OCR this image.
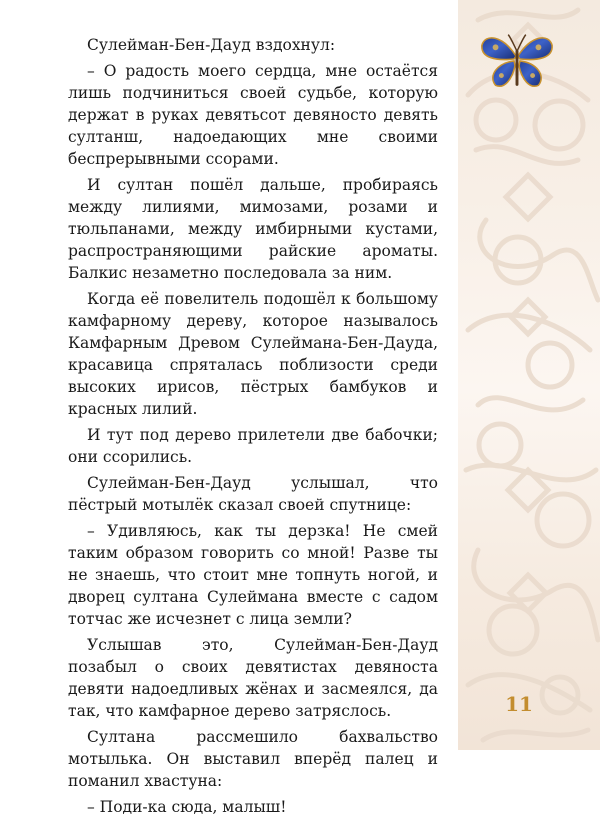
Сулейман-Бен-Дауд вздохнул:

– О радость моего сердца, мне остаётся лишь подчиниться своей судьбе, которую держат в руках девятьсот девяносто девять султанш, надоедающих мне своими беспрерывными ссорами.

И султан пошёл дальше, пробираясь между лилиями, мимозами, розами и тюльпанами, между имбирными кустами, распространяющими райские ароматы. Балкис незаметно последовала за ним.

Когда её повелитель подошёл к большому камфарному дереву, которое называлось Камфарным Древом Сулеймана-Бен-Дауда, красавица спряталась поблизости среди высоких ирисов, пёстрых бамбуков и красных лилий.

И тут под дерево прилетели две бабочки; они ссорились.

Сулейман-Бен-Дауд услышал, что пёстрый мотылёк сказал своей спутнице:

– Удивляюсь, как ты дерзка! Не смей таким образом говорить со мной! Разве ты не знаешь, что стоит мне топнуть ногой, и дворец султана Сулеймана вместе с садом тотчас же исчезнет с лица земли?

Услышав это, Сулейман-Бен-Дауд позабыл о своих девятистах девяноста девяти надоедливых жёнах и засмеялся, да так, что камфарное дерево затряслось.

Султана рассмешило бахвальство мотылька. Он выставил вперёд палец и поманил хвастуна:

– Поди-ка сюда, малыш!

11
